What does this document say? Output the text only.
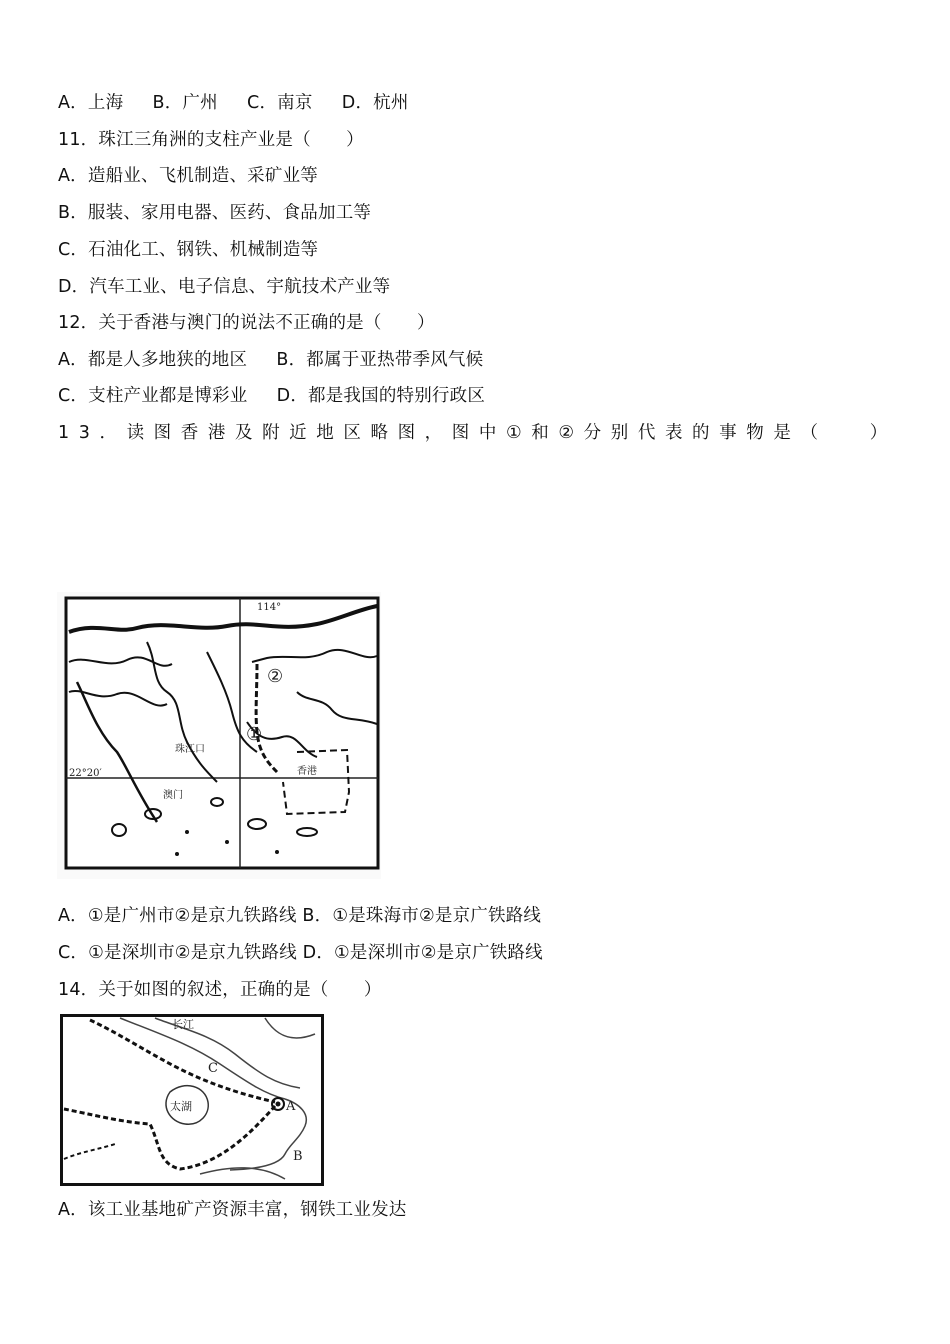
A．上海　  B．广州　  C．南京　  D．杭州
11．珠江三角洲的支柱产业是（　　）
A．造船业、飞机制造、采矿业等
B．服装、家用电器、医药、食品加工等
C．石油化工、钢铁、机械制造等
D．汽车工业、电子信息、宇航技术产业等
12．关于香港与澳门的说法不正确的是（　　）
A．都是人多地狭的地区　  B．都属于亚热带季风气候
C．支柱产业都是博彩业　  D．都是我国的特别行政区
13．读图香港及附近地区略图，图中①和②分别代表的事物是（　 ）
114°
22°20′
②
①
珠江口
澳门
香港
A．①是广州市②是京九铁路线 B．①是珠海市②是京广铁路线
C．①是深圳市②是京九铁路线 D．①是深圳市②是京广铁路线
14．关于如图的叙述，正确的是（　　）
长江
太湖	A
B
C
A．该工业基地矿产资源丰富，钢铁工业发达
